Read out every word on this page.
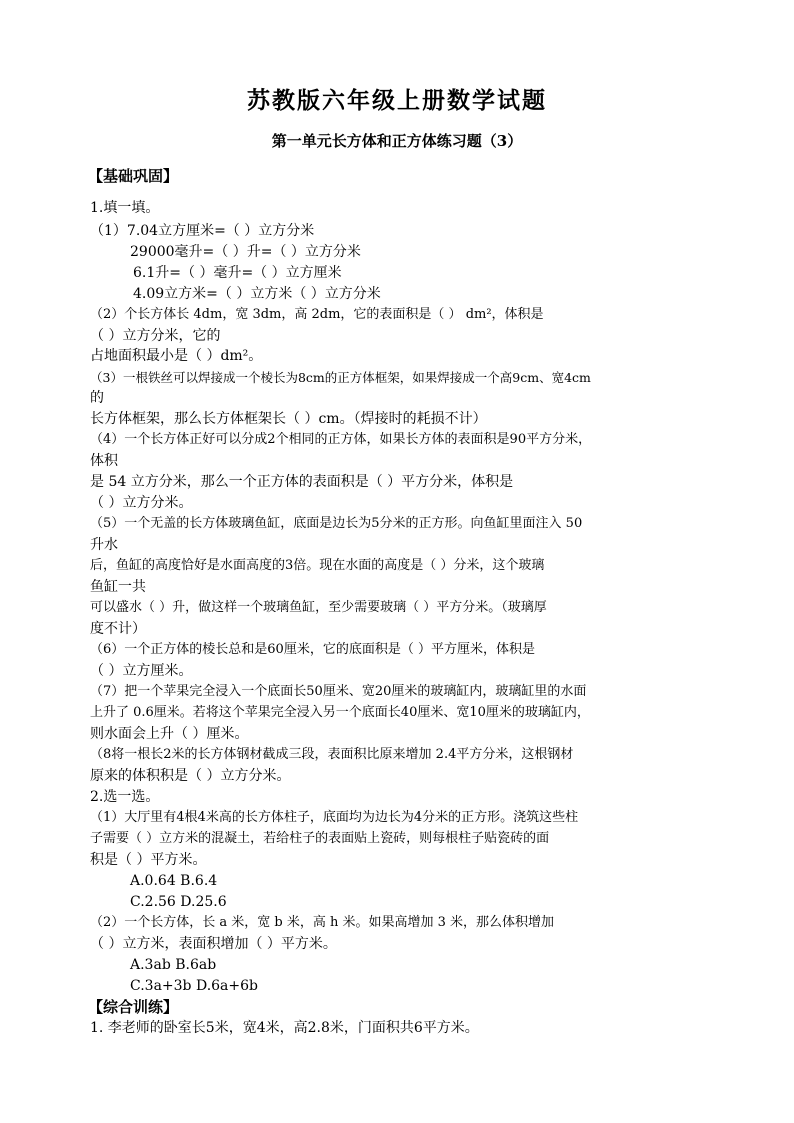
苏教版六年级上册数学试题
第一单元长方体和正方体练习题（3）
【基础巩固】
1.填一填。
（1）7.04立方厘米=（ ）立方分米
29000毫升=（ ）升=（ ）立方分米
6.1升=（ ）毫升=（ ）立方厘米
4.09立方米=（ ）立方米（ ）立方分米
（2）个长方体长 4dm，宽 3dm，高 2dm，它的表面积是（ ） dm²，体积是
（ ）立方分米，它的
占地面积最小是（ ）dm²。
（3）一根铁丝可以焊接成一个棱长为8cm的正方体框架，如果焊接成一个高9cm、宽4cm
的
长方体框架，那么长方体框架长（ ）cm。（焊接时的耗损不计）
（4）一个长方体正好可以分成2个相同的正方体，如果长方体的表面积是90平方分米，
体积
是 54 立方分米，那么一个正方体的表面积是（ ）平方分米，体积是
（ ）立方分米。
（5）一个无盖的长方体玻璃鱼缸，底面是边长为5分米的正方形。向鱼缸里面注入 50
升水
后，鱼缸的高度恰好是水面高度的3倍。现在水面的高度是（ ）分米，这个玻璃
鱼缸一共
可以盛水（ ）升，做这样一个玻璃鱼缸，至少需要玻璃（ ）平方分米。（玻璃厚
度不计）
（6）一个正方体的棱长总和是60厘米，它的底面积是（ ）平方厘米，体积是
（ ）立方厘米。
（7）把一个苹果完全浸入一个底面长50厘米、宽20厘米的玻璃缸内，玻璃缸里的水面
上升了 0.6厘米。若将这个苹果完全浸入另一个底面长40厘米、宽10厘米的玻璃缸内，
则水面会上升（ ）厘米。
（8将一根长2米的长方体钢材截成三段，表面积比原来增加 2.4平方分米，这根钢材
原来的体积积是（ ）立方分米。
2.选一选。
（1）大厅里有4根4米高的长方体柱子，底面均为边长为4分米的正方形。浇筑这些柱
子需要（ ）立方米的混凝土，若给柱子的表面贴上瓷砖，则每根柱子贴瓷砖的面
积是（ ）平方米。
A.0.64 B.6.4
C.2.56 D.25.6
（2）一个长方体，长 a 米，宽 b 米，高 h 米。如果高增加 3 米，那么体积增加
（ ）立方米，表面积增加（ ）平方米。
A.3ab B.6ab
C.3a+3b D.6a+6b
【综合训练】
1. 李老师的卧室长5米，宽4米，高2.8米，门面积共6平方米。
